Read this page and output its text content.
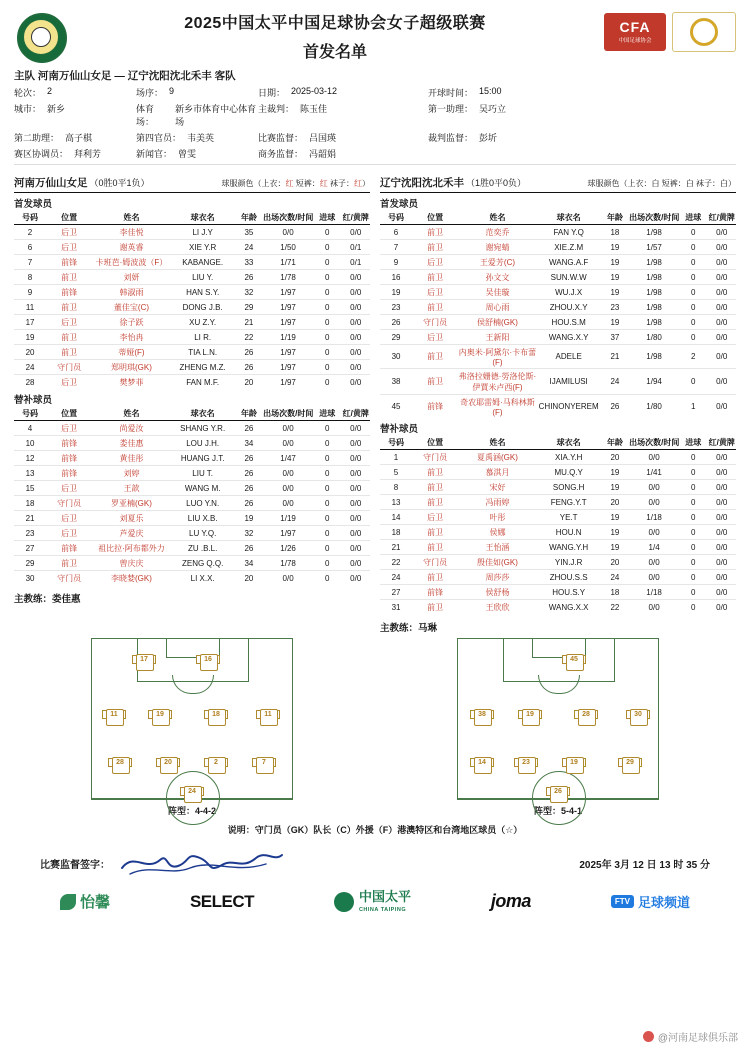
2025中国太平中国足球协会女子超级联赛
首发名单
CFA
中国足球协会
主队 河南万仙山女足 — 辽宁沈阳沈北禾丰 客队
轮次： 2	场序： 9	日期： 2025-03-12	开球时间： 15:00
城市： 新乡	体育场：
新乡市体育中心体育场
主裁判： 陈玉佳	第一助理： 吴巧立
第二助理： 高子棋	第四官员： 韦美英	比赛监督： 吕国瑛	裁判监督： 彭圻
赛区协调员： 拜利芳	新闻官： 曾雯	商务监督： 冯韶娟
河南万仙山女足 （0胜0平1负）	球服颜色（上衣：红 短裤：红 袜子：红）
首发球员
号码	位置	姓名	球衣名	年龄	出场次数/时间	进球	红/黄牌
2	后卫	李佳悦	LI J.Y	35	0/0	0	0/0
6	后卫	谢英睿	XIE Y.R	24	1/50	0	0/1
7	前锋	卡班芭·姆波波（F）	KABANGE.	33	1/71	0	0/1
8	前卫	刘妍	LIU Y.	26	1/78	0	0/0
9	前锋	韩淑雨	HAN S.Y.	32	1/97	0	0/0
11	前卫	董佳宝(C)	DONG J.B.	29	1/97	0	0/0
17	后卫	徐子跃	XU Z.Y.	21	1/97	0	0/0
19	前卫	李怡冉	LI R.	22	1/19	0	0/0
20	前卫	蒂娅(F)	TIA L.N.	26	1/97	0	0/0
24	守门员	郑明琪(GK)	ZHENG M.Z.	26	1/97	0	0/0
28	后卫	樊梦菲	FAN M.F.	20	1/97	0	0/0
替补球员
号码	位置	姓名	球衣名	年龄	出场次数/时间	进球	红/黄牌
4	后卫	尚爱汝	SHANG Y.R.	26	0/0	0	0/0
10	前锋	娄佳惠	LOU J.H.	34	0/0	0	0/0
12	前锋	黄佳彤	HUANG J.T.	26	1/47	0	0/0
13	前锋	刘婷	LIU T.	26	0/0	0	0/0
15	后卫	王歆	WANG M.	26	0/0	0	0/0
18	守门员	罗亚楠(GK)	LUO Y.N.	26	0/0	0	0/0
21	后卫	刘夏乐	LIU X.B.	19	1/19	0	0/0
23	后卫	芦爱庆	LU Y.Q.	32	1/97	0	0/0
27	前锋	祖比拉·阿布都外力	ZU .B.L.	26	1/26	0	0/0
29	前卫	曾庆庆	ZENG Q.Q.	34	1/78	0	0/0
30	守门员	李晓婪(GK)	LI X.X.	20	0/0	0	0/0
主教练：娄佳惠
辽宁沈阳沈北禾丰 （1胜0平0负）	球服颜色（上衣：白 短裤：白 袜子：白）
首发球员
号码	位置	姓名	球衣名	年龄	出场次数/时间	进球	红/黄牌
6	前卫	范奕乔	FAN Y.Q	18	1/98	0	0/0
7	前卫	谢宛蜻	XIE.Z.M	19	1/57	0	0/0
9	后卫	王爱芳(C)	WANG.A.F	19	1/98	0	0/0
16	前卫	孙文文	SUN.W.W	19	1/98	0	0/0
19	后卫	吴佳璇	WU.J.X	19	1/98	0	0/0
23	前卫	周心雨	ZHOU.X.Y	23	1/98	0	0/0
26	守门员	侯舒楠(GK)	HOU.S.M	19	1/98	0	0/0
29	后卫	王新阳	WANG.X.Y	37	1/80	0	0/0
30	前卫	内奥米·阿黛尔·卡布蕾(F)	ADELE	21	1/98	2	0/0
38	前卫	弗洛拉姗德·勞洛伦斯·伊賈米卢西(F)	IJAMILUSI	24	1/94	0	0/0
45	前锋	奇农耶雷姆·马科林斯(F)	CHINONYEREM	26	1/80	1	0/0
替补球员
号码	位置	姓名	球衣名	年龄	出场次数/时间	进球	红/黄牌
1	守门员	夏禹涵(GK)	XIA.Y.H	20	0/0	0	0/0
5	前卫	慕淇月	MU.Q.Y	19	1/41	0	0/0
8	前卫	宋好	SONG.H	19	0/0	0	0/0
13	前卫	冯雨婷	FENG.Y.T	20	0/0	0	0/0
14	后卫	叶彤	YE.T	19	1/18	0	0/0
18	前卫	侯娜	HOU.N	19	0/0	0	0/0
21	前卫	王怡涵	WANG.Y.H	19	1/4	0	0/0
22	守门员	殷佳如(GK)	YIN.J.R	20	0/0	0	0/0
24	前卫	周莎莎	ZHOU.S.S	24	0/0	0	0/0
27	前锋	侯舒杨	HOU.S.Y	18	1/18	0	0/0
31	前卫	王欣欣	WANG.X.X	22	0/0	0	0/0
主教练：马琳
17	16
11	19	18	11
28	20	2	7
24
阵型：4-4-2
45
38	19	28	30
14	23	19	29
26
阵型：5-4-1
说明：守门员（GK）队长（C）外援（F）港澳特区和台湾地区球员（☆）
比赛监督签字：	2025年 3月 12 日 13 时 35 分
怡馨	SELECT	中国太平
CHINA TAIPING	joma	FTV 足球频道
@河南足球俱乐部
